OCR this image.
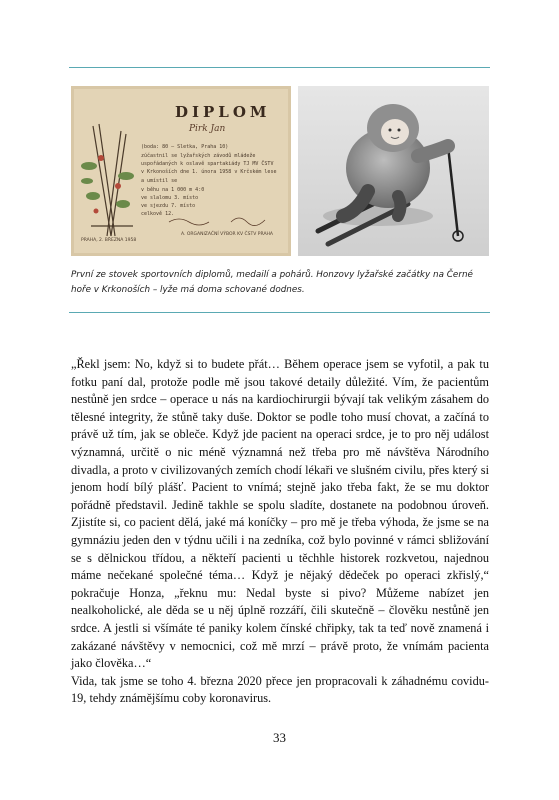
DIPLOM
Pirk Jan
(boda: 80 – Sletka, Praha 10)
zúčastnil se lyžařských závodů mládeže
uspořádaných k oslavě spartakiády TJ MV ČSTV
v Krkonoších dne 1. února 1958 v Krčském lese
a umístil se
v běhu na 1 000 m 4:0
ve slalomu 3. místo
ve sjezdu 7. místo
celkově 12.
PRAHA, 2. BŘEZNA 1958
A. ORGANIZAČNÍ VÝBOR KV ČSTV PRAHA
První ze stovek sportovních diplomů, medailí a pohárů. Honzovy lyžařské začátky na Černé hoře v Krkonoších – lyže má doma schované dodnes.

„Řekl jsem: No, když si to budete přát… Během operace jsem se vyfotil, a pak tu fotku paní dal, protože podle mě jsou takové detaily důležité. Vím, že pacientům nestůně jen srdce – operace u nás na kardiochirurgii bývají tak velikým zásahem do tělesné integrity, že stůně taky duše. Doktor se podle toho musí chovat, a začíná to právě už tím, jak se obleče. Když jde pacient na operaci srdce, je to pro něj událost významná, určitě o nic méně významná než třeba pro mě návštěva Národního divadla, a proto v civilizovaných zemích chodí lékaři ve slušném civilu, přes který si jenom hodí bílý plášť. Pacient to vnímá; stejně jako třeba fakt, že se mu doktor pořádně představil. Jedině takhle se spolu sladíte, dostanete na podobnou úroveň. Zjistíte si, co pacient dělá, jaké má koníčky – pro mě je třeba výhoda, že jsme se na gymnáziu jeden den v týdnu učili i na zedníka, což bylo povinné v rámci sbližování se s dělnickou třídou, a někteří pacienti u těchhle historek rozkvetou, najednou máme nečekané společné téma… Když je nějaký dědeček po operaci zkřislý,“ pokračuje Honza, „řeknu mu: Nedal byste si pivo? Můžeme nabízet jen nealkoholické, ale děda se u něj úplně rozzáří, čili skutečně – člověku nestůně jen srdce. A jestli si všímáte té paniky kolem čínské chřipky, tak ta teď nově znamená i zakázané návštěvy v nemocnici, což mě mrzí – právě proto, že vnímám pacienta jako člověka…“

Vida, tak jsme se toho 4. března 2020 přece jen propracovali k záhadnému covidu-19, tehdy známějšímu coby koronavirus.

33
